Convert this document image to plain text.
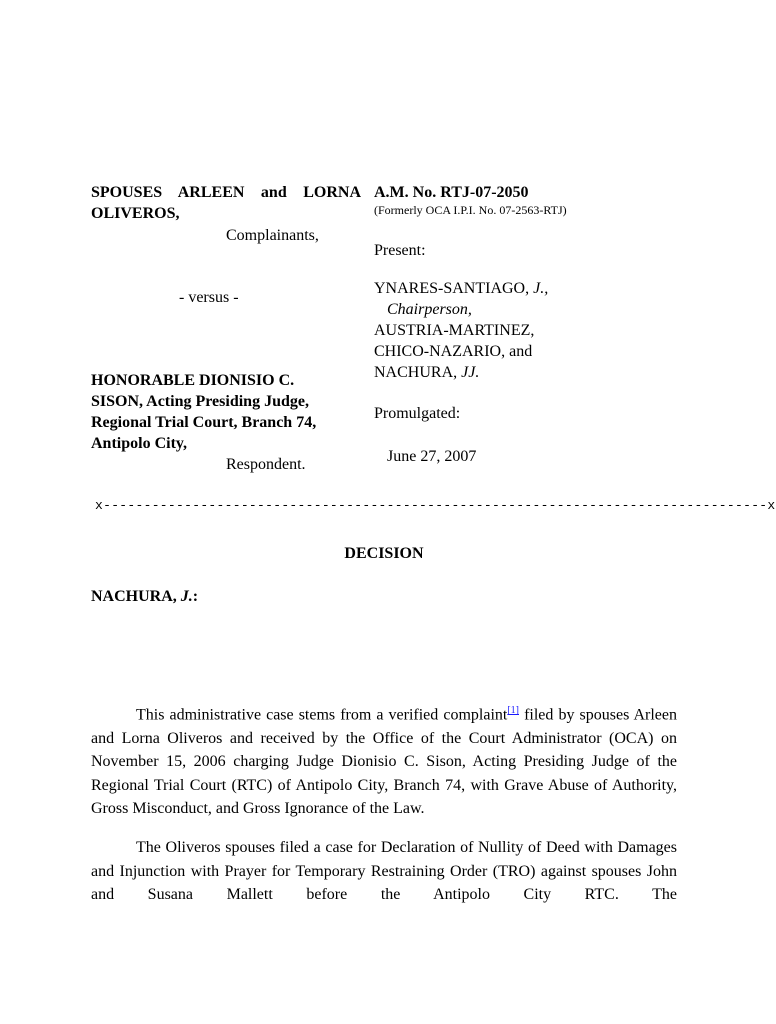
SPOUSES ARLEEN and LORNA
OLIVEROS,
Complainants,
- versus -
HONORABLE DIONISIO C.
SISON, Acting Presiding Judge,
Regional Trial Court, Branch 74,
Antipolo City,
Respondent.
A.M. No. RTJ-07-2050
(Formerly OCA I.P.I. No. 07-2563-RTJ)
Present:
YNARES-SANTIAGO, J.,
Chairperson,
AUSTRIA-MARTINEZ,
CHICO-NAZARIO, and
NACHURA, JJ.
Promulgated:
June 27, 2007
x----------------------------------------------------------------------------------x
DECISION
NACHURA, J.:

This administrative case stems from a verified complaint[1] filed by spouses Arleen and Lorna Oliveros and received by the Office of the Court Administrator (OCA) on November 15, 2006 charging Judge Dionisio C. Sison, Acting Presiding Judge of the Regional Trial Court (RTC) of Antipolo City, Branch 74, with Grave Abuse of Authority, Gross Misconduct, and Gross Ignorance of the Law.

The Oliveros spouses filed a case for Declaration of Nullity of Deed with Damages and Injunction with Prayer for Temporary Restraining Order (TRO) against spouses John and Susana Mallett before the Antipolo City RTC. The
